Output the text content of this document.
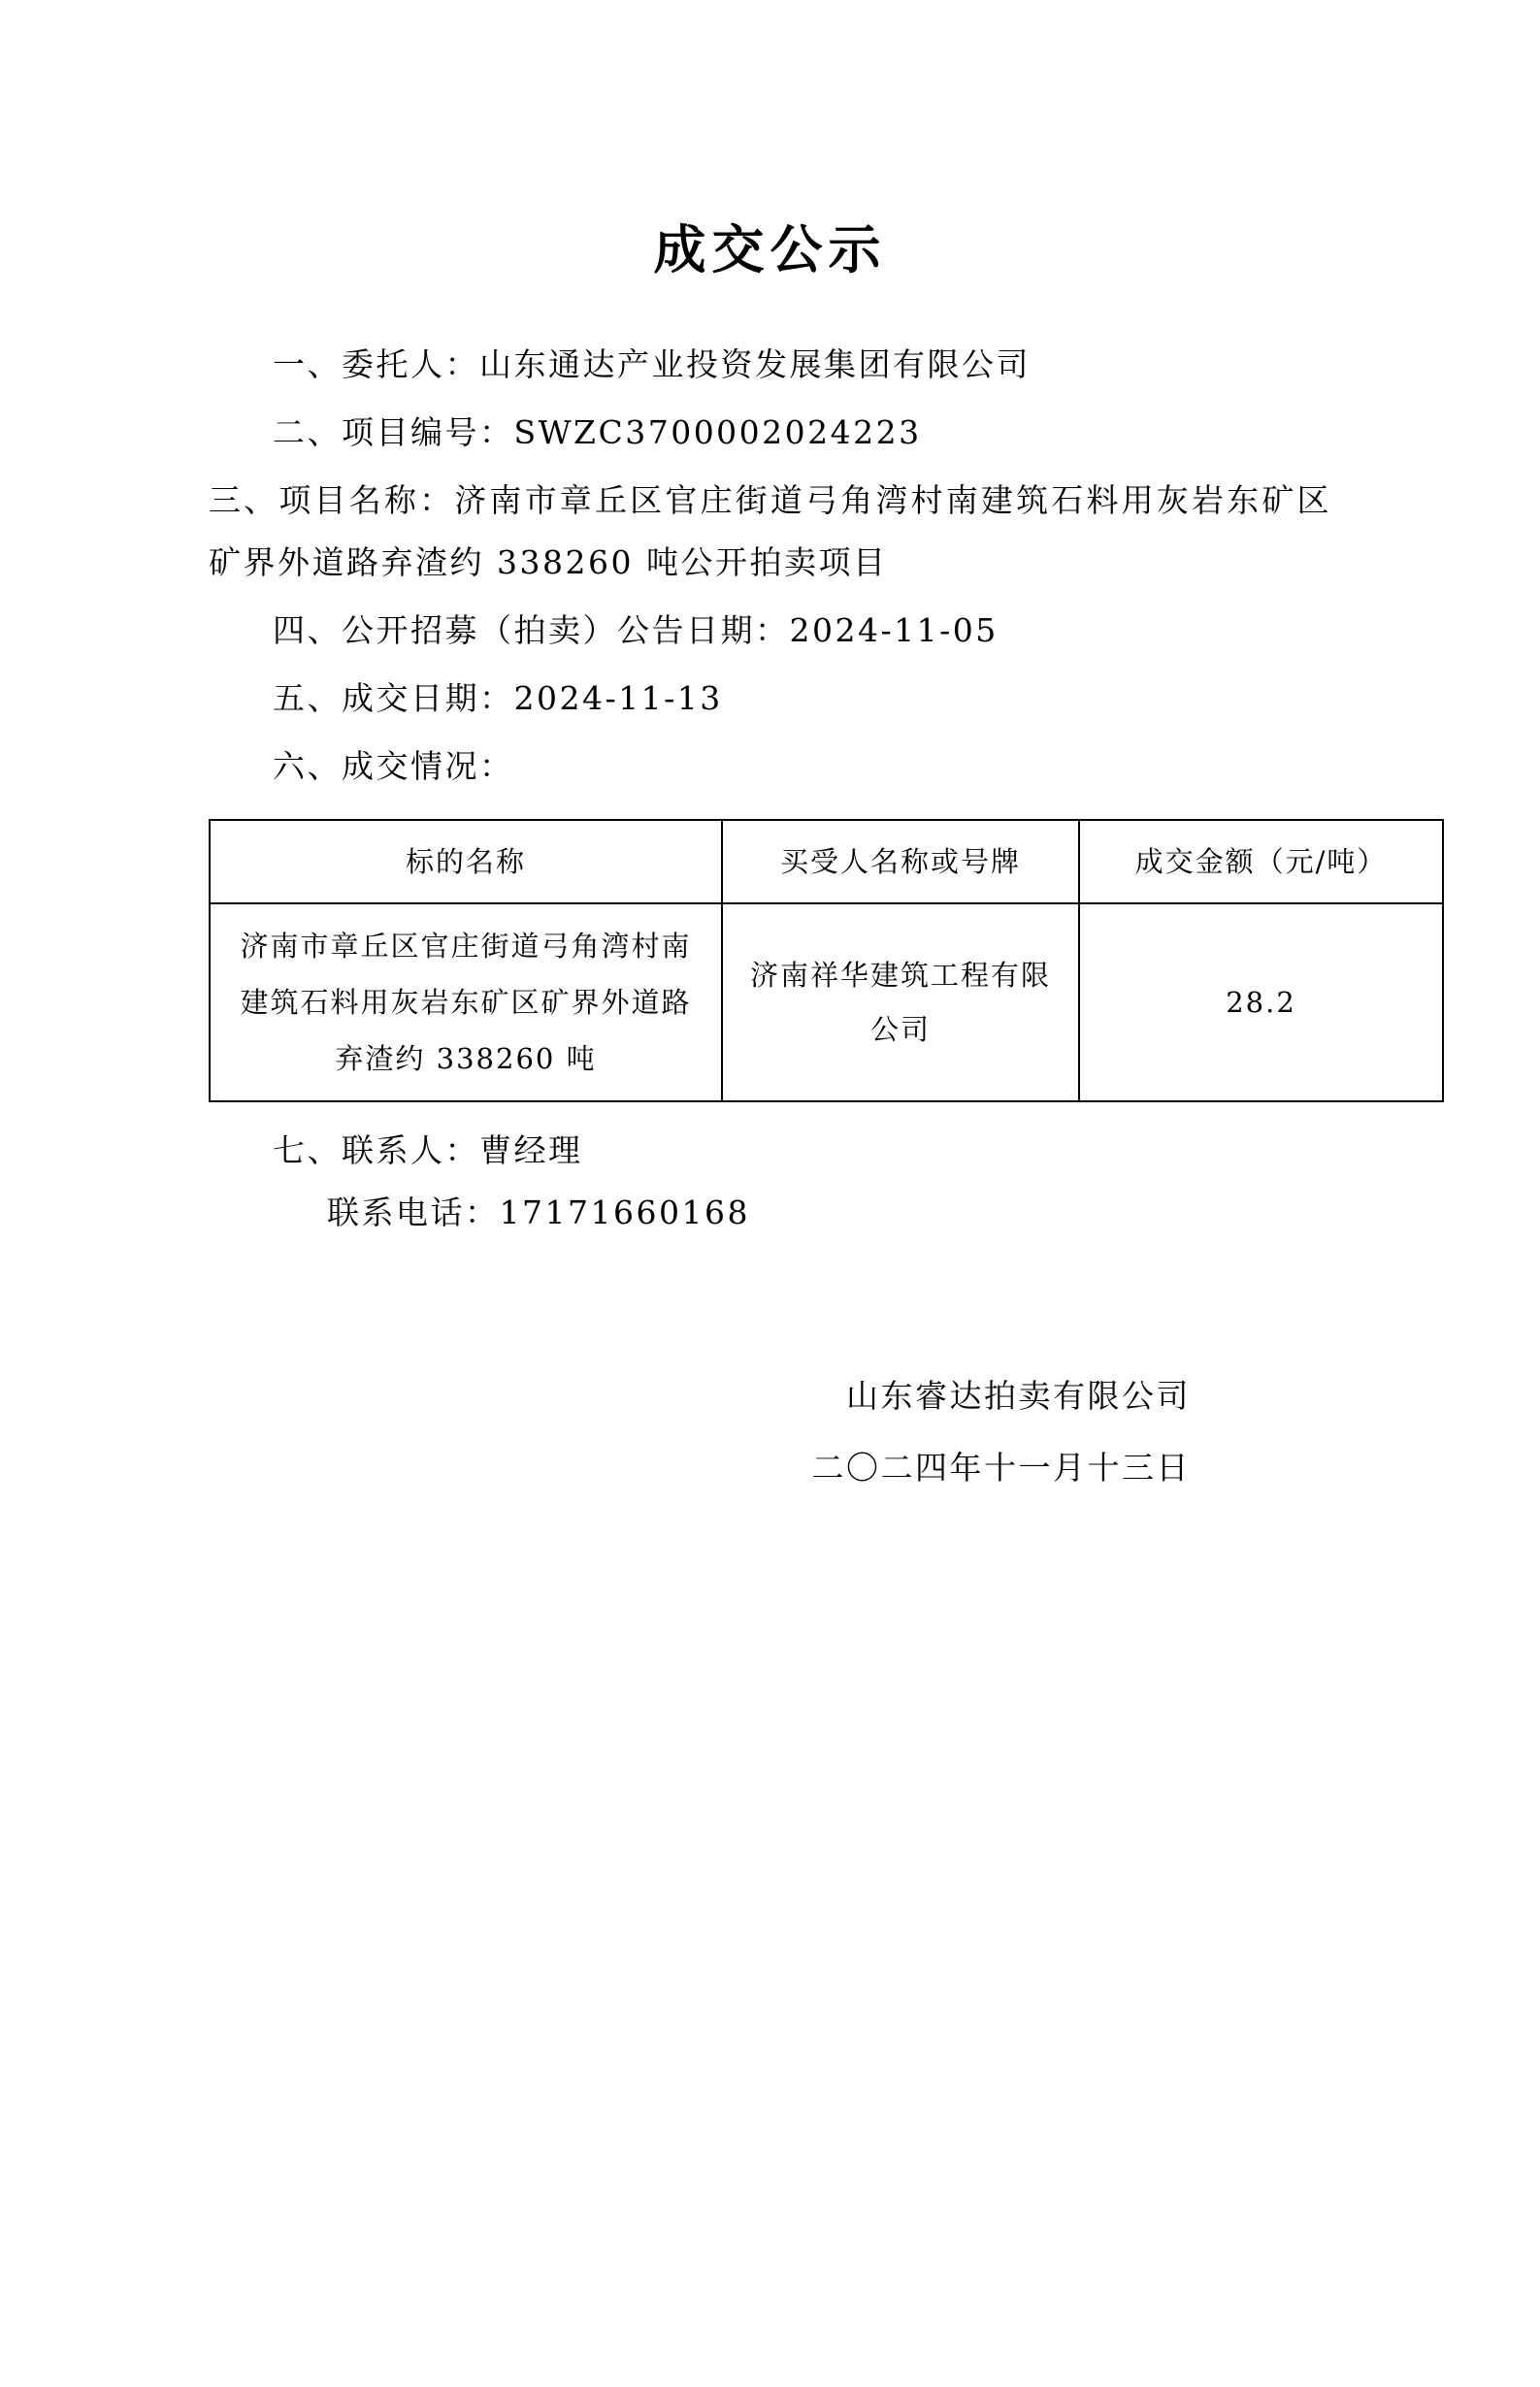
成交公示

一、委托人：山东通达产业投资发展集团有限公司

二、项目编号：SWZC3700002024223

三、项目名称：济南市章丘区官庄街道弓角湾村南建筑石料用灰岩东矿区矿界外道路弃渣约 338260 吨公开拍卖项目

四、公开招募（拍卖）公告日期：2024-11-05

五、成交日期：2024-11-13

六、成交情况：

标的名称	买受人名称或号牌	成交金额（元/吨）
济南市章丘区官庄街道弓角湾村南建筑石料用灰岩东矿区矿界外道路弃渣约 338260 吨	济南祥华建筑工程有限公司	28.2

七、联系人：曹经理

联系电话：17171660168

山东睿达拍卖有限公司
二〇二四年十一月十三日
